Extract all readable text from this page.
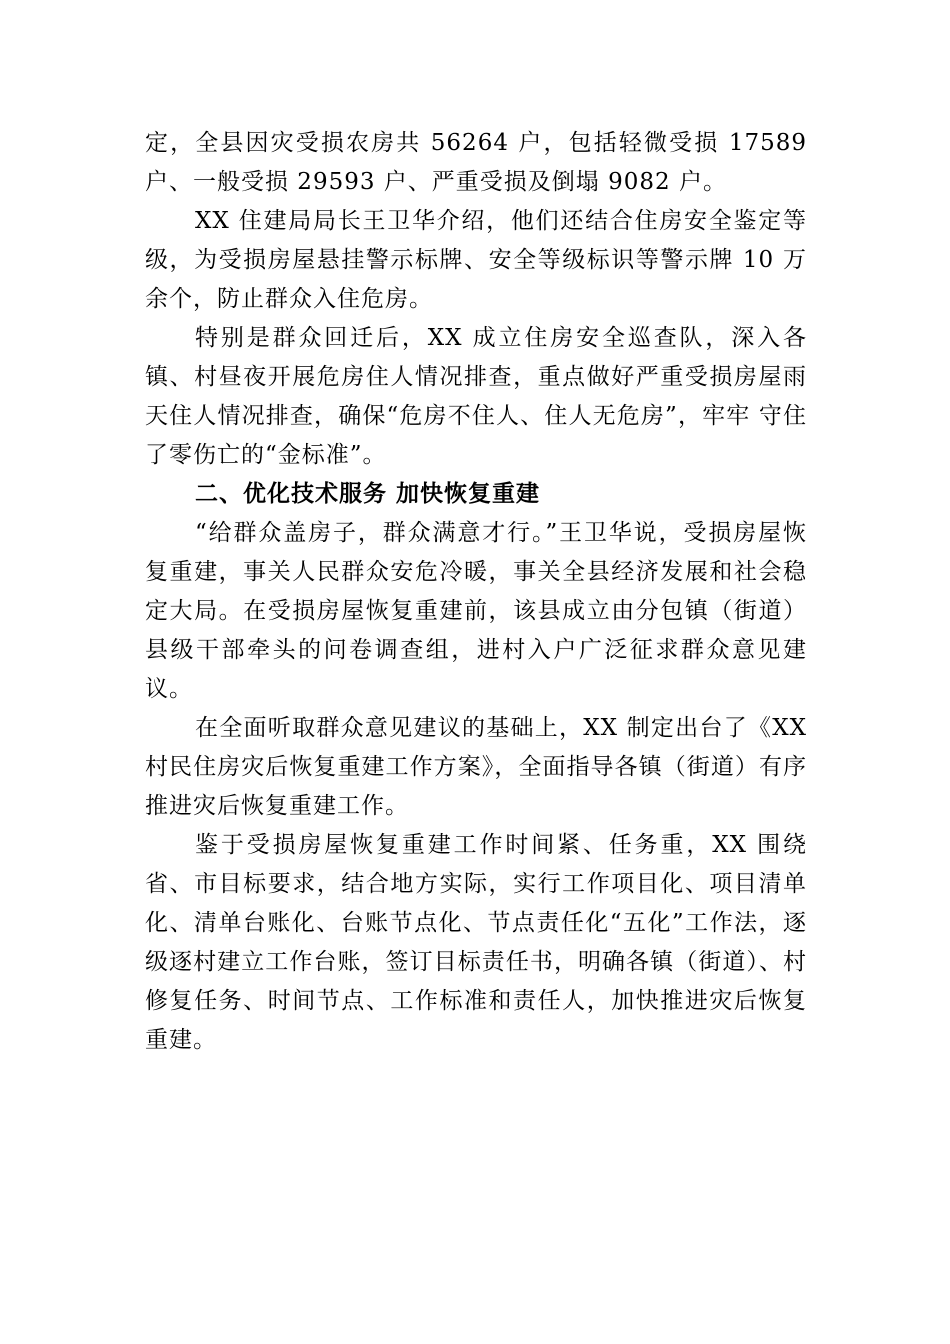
定，全县因灾受损农房共 56264 户，包括轻微受损 17589 户、一般受损 29593 户、严重受损及倒塌 9082 户。

XX 住建局局长王卫华介绍，他们还结合住房安全鉴定等级，为受损房屋悬挂警示标牌、安全等级标识等警示牌 10 万余个，防止群众入住危房。

特别是群众回迁后，XX 成立住房安全巡查队，深入各镇、村昼夜开展危房住人情况排查，重点做好严重受损房屋雨天住人情况排查，确保“危房不住人、住人无危房”，牢牢 守住了零伤亡的“金标准”。

二、优化技术服务 加快恢复重建

“给群众盖房子，群众满意才行。”王卫华说，受损房屋恢复重建，事关人民群众安危冷暖，事关全县经济发展和社会稳定大局。在受损房屋恢复重建前，该县成立由分包镇（街道）县级干部牵头的问卷调查组，进村入户广泛征求群众意见建议。

在全面听取群众意见建议的基础上，XX 制定出台了《XX 村民住房灾后恢复重建工作方案》，全面指导各镇（街道）有序推进灾后恢复重建工作。

鉴于受损房屋恢复重建工作时间紧、任务重，XX 围绕省、市目标要求，结合地方实际，实行工作项目化、项目清单化、清单台账化、台账节点化、节点责任化“五化”工作法，逐级逐村建立工作台账，签订目标责任书，明确各镇（街道）、村修复任务、时间节点、工作标准和责任人，加快推进灾后恢复重建。
